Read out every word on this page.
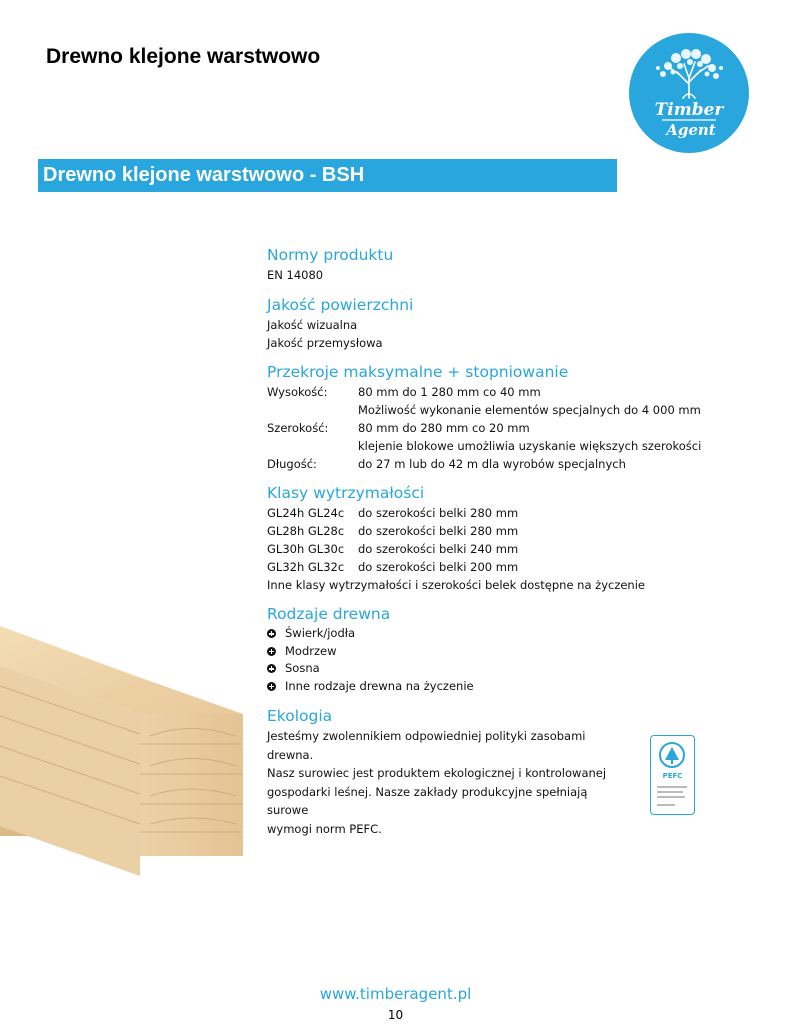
Drewno klejone warstwowo
Timber
Agent
Drewno klejone warstwowo - BSH
Normy produktu
EN 14080
Jakość powierzchni
Jakość wizualna
Jakość przemysłowa
Przekroje maksymalne + stopniowanie
Wysokość:	80 mm do 1 280 mm co 40 mm
Możliwość wykonanie elementów specjalnych do 4 000 mm
Szerokość:	80 mm do 280 mm co 20 mm
klejenie blokowe umożliwia uzyskanie większych szerokości
Długość:	do 27 m lub do 42 m dla wyrobów specjalnych
Klasy wytrzymałości
GL24h GL24c	do szerokości belki 280 mm
GL28h GL28c	do szerokości belki 280 mm
GL30h GL30c	do szerokości belki 240 mm
GL32h GL32c	do szerokości belki 200 mm
Inne klasy wytrzymałości i szerokości belek dostępne na życzenie
Rodzaje drewna
Świerk/jodła
Modrzew
Sosna
Inne rodzaje drewna na życzenie
Ekologia
Jesteśmy zwolennikiem odpowiedniej polityki zasobami drewna.
Nasz surowiec jest produktem ekologicznej i kontrolowanej
gospodarki leśnej. Nasze zakłady produkcyjne spełniają surowe
wymogi norm PEFC.
PEFC
www.timberagent.pl
10
